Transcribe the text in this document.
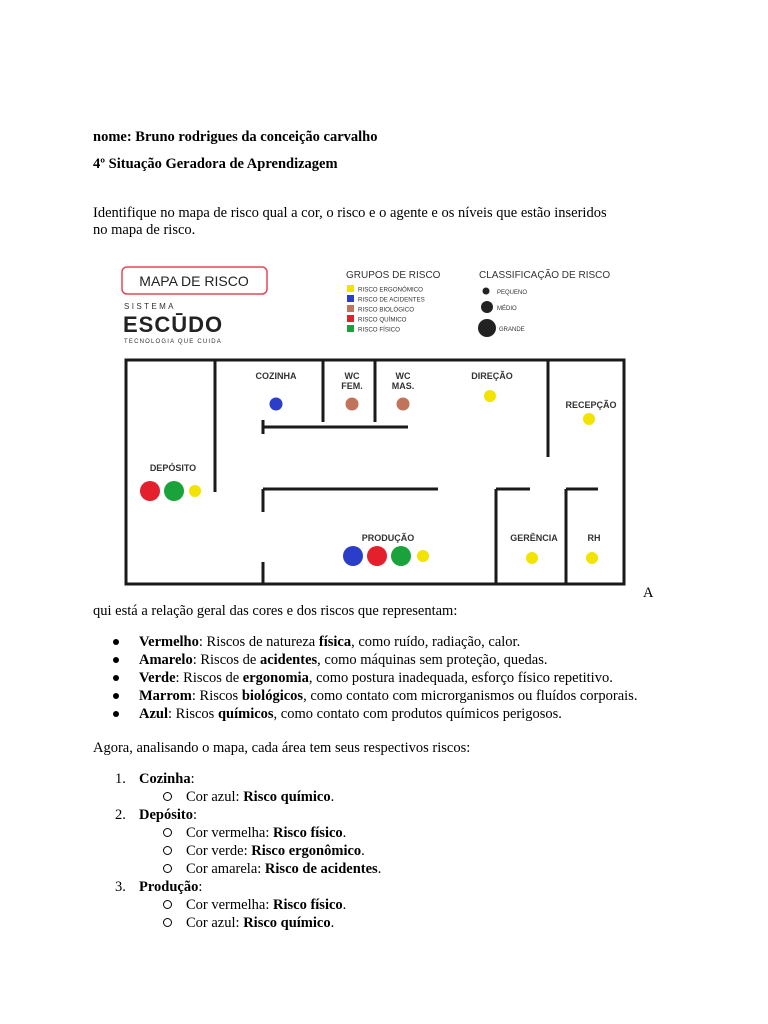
nome: Bruno rodrigues da conceição carvalho
4º Situação Geradora de Aprendizagem
Identifique no mapa de risco qual a cor, o risco e o agente e os níveis que estão inseridos
no mapa de risco.
MAPA DE RISCO
SISTEMA
ESCŪDO
TECNOLOGIA QUE CUIDA
GRUPOS DE RISCO
RISCO ERGONÔMICO
RISCO DE ACIDENTES
RISCO BIOLÓGICO
RISCO QUÍMICO
RISCO FÍSICO
CLASSIFICAÇÃO DE RISCO
PEQUENO
MÉDIO
GRANDE
COZINHA	WC
FEM.
WC
MAS.
DIREÇÃO
RECEPÇÃO
DEPÓSITO
PRODUÇÃO	GERÊNCIA	RH
A
qui está a relação geral das cores e dos riscos que representam:
Vermelho: Riscos de natureza física, como ruído, radiação, calor.
Amarelo: Riscos de acidentes, como máquinas sem proteção, quedas.
Verde: Riscos de ergonomia, como postura inadequada, esforço físico repetitivo.
Marrom: Riscos biológicos, como contato com microrganismos ou fluídos corporais.
Azul: Riscos químicos, como contato com produtos químicos perigosos.
Agora, analisando o mapa, cada área tem seus respectivos riscos:
1. Cozinha:
Cor azul: Risco químico.
2. Depósito:
Cor vermelha: Risco físico.
Cor verde: Risco ergonômico.
Cor amarela: Risco de acidentes.
3. Produção:
Cor vermelha: Risco físico.
Cor azul: Risco químico.
